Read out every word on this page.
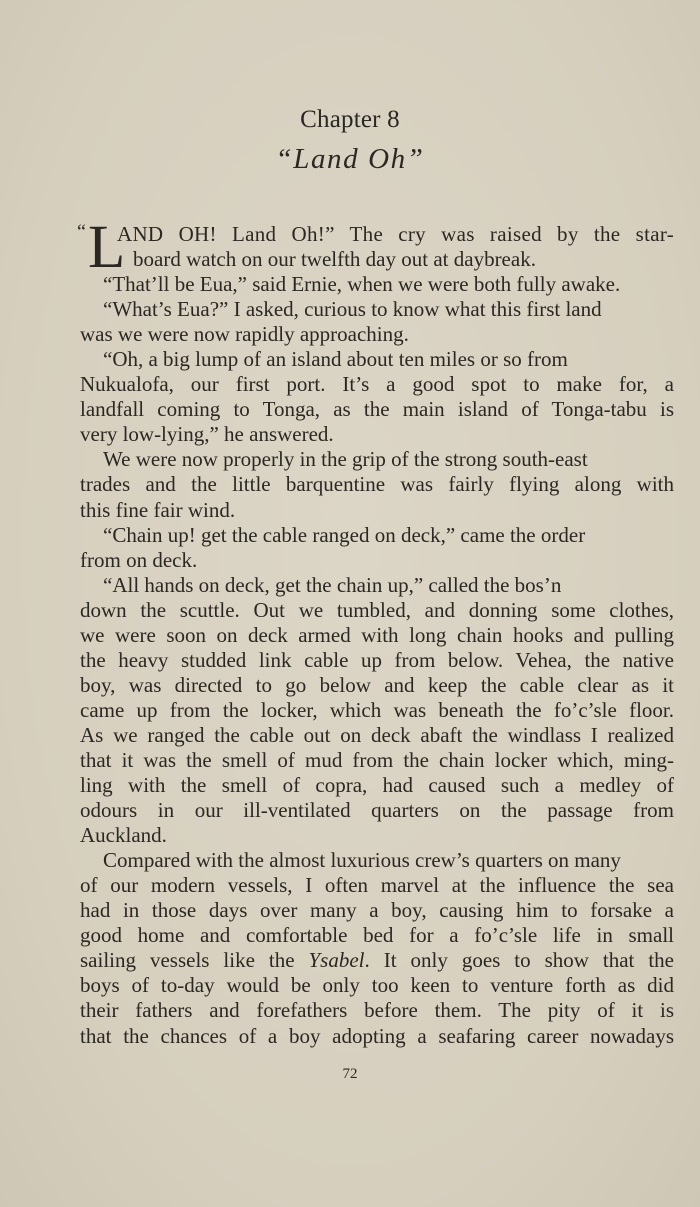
Chapter 8
“Land Oh”
“ L
AND OH! Land Oh!” The cry was raised by the star-
board watch on our twelfth day out at daybreak.
“That’ll be Eua,” said Ernie, when we were both fully awake.
“What’s Eua?” I asked, curious to know what this first land
was we were now rapidly approaching.
“Oh, a big lump of an island about ten miles or so from
Nukualofa, our first port. It’s a good spot to make for, a
landfall coming to Tonga, as the main island of Tonga-tabu is
very low-lying,” he answered.
We were now properly in the grip of the strong south-east
trades and the little barquentine was fairly flying along with
this fine fair wind.
“Chain up! get the cable ranged on deck,” came the order
from on deck.
“All hands on deck, get the chain up,” called the bos’n
down the scuttle. Out we tumbled, and donning some clothes,
we were soon on deck armed with long chain hooks and pulling
the heavy studded link cable up from below. Vehea, the native
boy, was directed to go below and keep the cable clear as it
came up from the locker, which was beneath the fo’c’sle floor.
As we ranged the cable out on deck abaft the windlass I realized
that it was the smell of mud from the chain locker which, ming-
ling with the smell of copra, had caused such a medley of
odours in our ill-ventilated quarters on the passage from
Auckland.
Compared with the almost luxurious crew’s quarters on many
of our modern vessels, I often marvel at the influence the sea
had in those days over many a boy, causing him to forsake a
good home and comfortable bed for a fo’c’sle life in small
sailing vessels like the Ysabel. It only goes to show that the
boys of to-day would be only too keen to venture forth as did
their fathers and forefathers before them. The pity of it is
that the chances of a boy adopting a seafaring career nowadays
72
